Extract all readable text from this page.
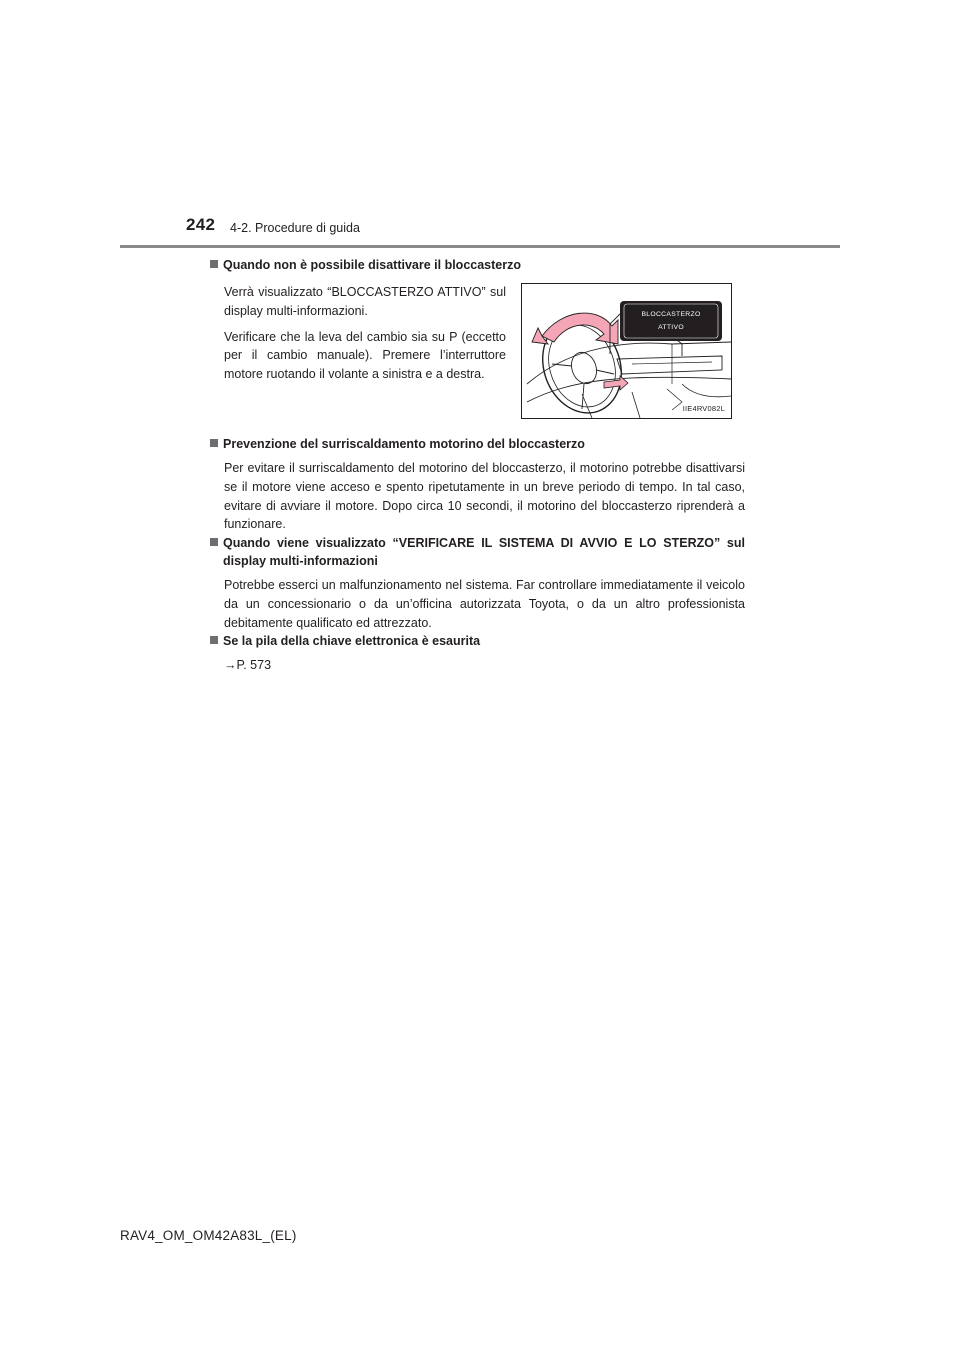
242 4-2. Procedure di guida
Quando non è possibile disattivare il bloccasterzo

Verrà visualizzato “BLOCCASTERZO ATTIVO” sul display multi-informazioni.

Verificare che la leva del cambio sia su P (eccetto per il cambio manuale). Premere l’interruttore motore ruotando il volante a sinistra e a destra.

BLOCCASTERZO
ATTIVO
IIE4RV082L
Prevenzione del surriscaldamento motorino del bloccasterzo

Per evitare il surriscaldamento del motorino del bloccasterzo, il motorino potrebbe disattivarsi se il motore viene acceso e spento ripetutamente in un breve periodo di tempo. In tal caso, evitare di avviare il motore. Dopo circa 10 secondi, il motorino del bloccasterzo riprenderà a funzionare.

Quando viene visualizzato “VERIFICARE IL SISTEMA DI AVVIO E LO STERZO” sul display multi-informazioni

Potrebbe esserci un malfunzionamento nel sistema. Far controllare immediatamente il veicolo da un concessionario o da un’officina autorizzata Toyota, o da un altro professionista debitamente qualificato ed attrezzato.

Se la pila della chiave elettronica è esaurita

→P. 573

RAV4_OM_OM42A83L_(EL)
